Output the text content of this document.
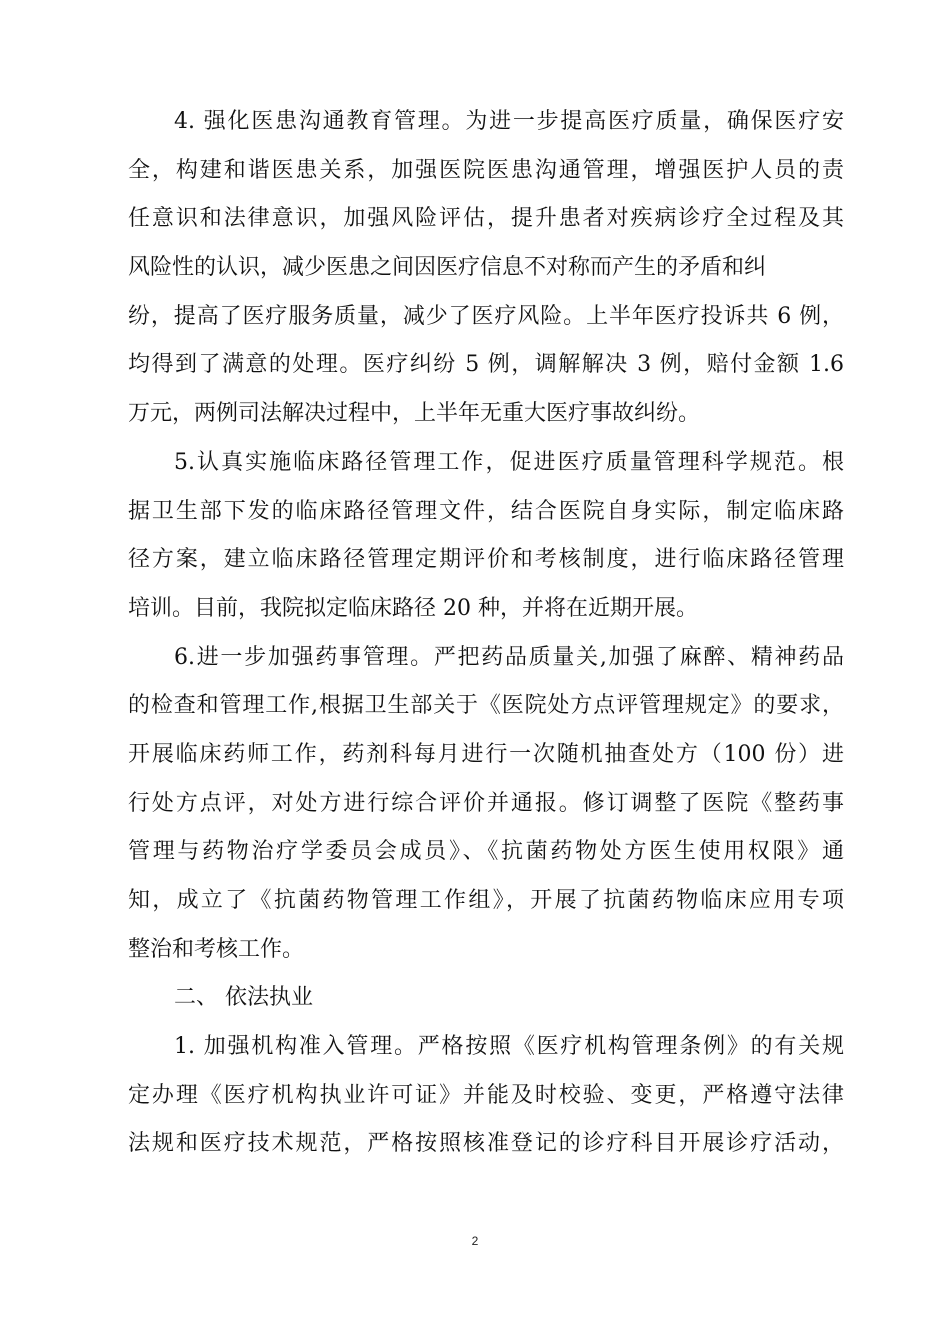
4. 强化医患沟通教育管理。为进一步提高医疗质量，确保医疗安
全，构建和谐医患关系，加强医院医患沟通管理，增强医护人员的责
任意识和法律意识，加强风险评估，提升患者对疾病诊疗全过程及其
风险性的认识，减少医患之间因医疗信息不对称而产生的矛盾和纠
纷，提高了医疗服务质量，减少了医疗风险。上半年医疗投诉共 6 例，
均得到了满意的处理。医疗纠纷 5 例，调解解决 3 例，赔付金额 1.6
万元，两例司法解决过程中，上半年无重大医疗事故纠纷。
5.认真实施临床路径管理工作，促进医疗质量管理科学规范。根
据卫生部下发的临床路径管理文件，结合医院自身实际，制定临床路
径方案，建立临床路径管理定期评价和考核制度，进行临床路径管理
培训。目前，我院拟定临床路径 20 种，并将在近期开展。
6.进一步加强药事管理。严把药品质量关,加强了麻醉、精神药品
的检查和管理工作,根据卫生部关于《医院处方点评管理规定》的要求，
开展临床药师工作，药剂科每月进行一次随机抽查处方（100 份）进
行处方点评，对处方进行综合评价并通报。修订调整了医院《整药事
管理与药物治疗学委员会成员》、《抗菌药物处方医生使用权限》通
知，成立了《抗菌药物管理工作组》，开展了抗菌药物临床应用专项
整治和考核工作。
二、 依法执业
1. 加强机构准入管理。严格按照《医疗机构管理条例》的有关规
定办理《医疗机构执业许可证》并能及时校验、变更，严格遵守法律
法规和医疗技术规范，严格按照核准登记的诊疗科目开展诊疗活动，
2
